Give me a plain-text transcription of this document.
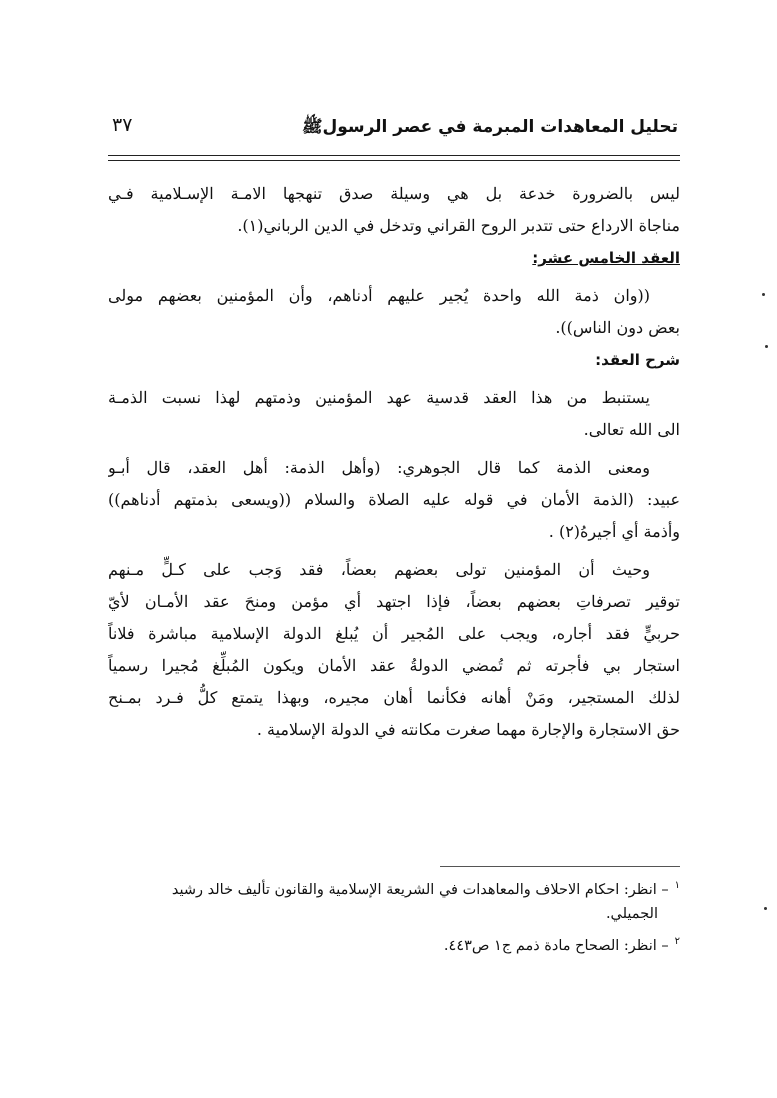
تحليل المعاهدات المبرمة في عصر الرسولﷺ
٣٧
ليس بالضرورة خدعة بل هي وسيلة صدق تنهجها الامـة الإسـلامية فـي
مناجاة الارداع حتى تتدبر الروح القراني وتدخل في الدين الرباني(١).
العقد الخامس عشر:
((وان ذمة الله واحدة يُجير عليهم أدناهم، وأن المؤمنين بعضهم مولى
بعض دون الناس)).
شرح العقد:
يستنبط من هذا العقد قدسية عهد المؤمنين وذمتهم لهذا نسبت الذمـة
الى الله تعالى.
ومعنى الذمة كما قال الجوهري: (وأهل الذمة: أهل العقد، قال أبـو
عبيد: (الذمة الأمان في قوله عليه الصلاة والسلام ((ويسعى بذمتهم أدناهم))
وأذمة أي أجيرهُ(٢) .
وحيث أن المؤمنين تولى بعضهم بعضاً، فقد وَجب على كـلٍّ مـنهم
توقير تصرفاتِ بعضهم بعضاً، فإذا اجتهد أي مؤمن ومنحَ عقد الأمـان لأيّ
حربيٍّ فقد أجاره، ويجب على المُجير أن يُبلغ الدولة الإسلامية مباشرة فلاناً
استجار بي فأجرته ثم تُمضي الدولةُ عقد الأمان ويكون المُبلِّغ مُجيرا رسمياً
لذلك المستجير، ومَنْ أهانه فكأنما أهان مجيره، وبهذا يتمتع كلُّ فـرد بمـنح
حق الاستجارة والإجارة مهما صغرت مكانته في الدولة الإسلامية .
$^١$– انظر: احكام الاحلاف والمعاهدات في الشريعة الإسلامية والقانون تأليف خالد رشيد
الجميلي.
$^٢$– انظر: الصحاح مادة ذمم ج١ ص٤٤٣.
